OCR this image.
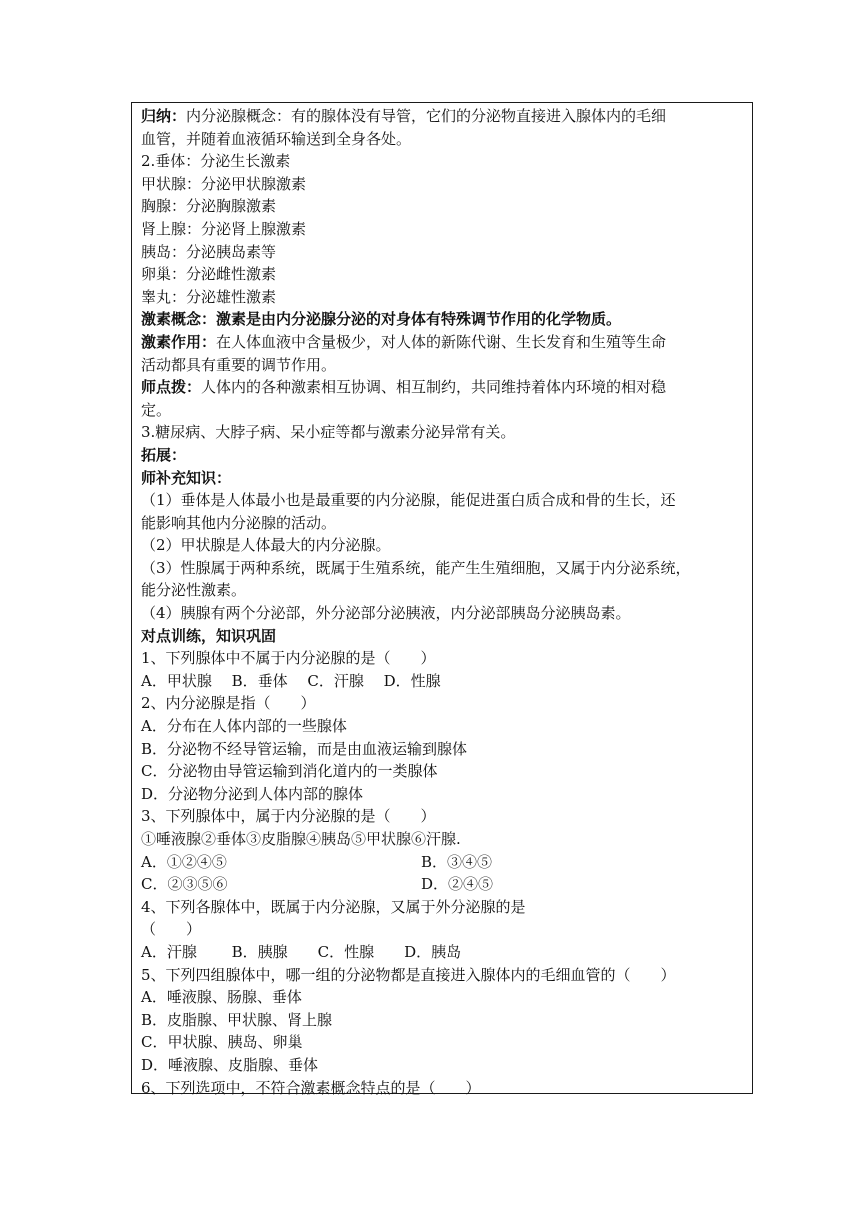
归纳：内分泌腺概念：有的腺体没有导管，它们的分泌物直接进入腺体内的毛细
血管，并随着血液循环输送到全身各处。
2.垂体：分泌生长激素
甲状腺：分泌甲状腺激素
胸腺：分泌胸腺激素
肾上腺：分泌肾上腺激素
胰岛：分泌胰岛素等
卵巢：分泌雌性激素
睾丸：分泌雄性激素
激素概念：激素是由内分泌腺分泌的对身体有特殊调节作用的化学物质。
激素作用：在人体血液中含量极少，对人体的新陈代谢、生长发育和生殖等生命
活动都具有重要的调节作用。
师点拨：人体内的各种激素相互协调、相互制约，共同维持着体内环境的相对稳
定。
3.糖尿病、大脖子病、呆小症等都与激素分泌异常有关。
拓展：
师补充知识：
（1）垂体是人体最小也是最重要的内分泌腺，能促进蛋白质合成和骨的生长，还
能影响其他内分泌腺的活动。
（2）甲状腺是人体最大的内分泌腺。
（3）性腺属于两种系统，既属于生殖系统，能产生生殖细胞，又属于内分泌系统，
能分泌性激素。
（4）胰腺有两个分泌部，外分泌部分泌胰液，内分泌部胰岛分泌胰岛素。
对点训练，知识巩固
1、下列腺体中不属于内分泌腺的是（　　）
A．甲状腺　 B．垂体　 C．汗腺　 D．性腺
2、内分泌腺是指（　　）
A．分布在人体内部的一些腺体
B．分泌物不经导管运输，而是由血液运输到腺体
C．分泌物由导管运输到消化道内的一类腺体
D．分泌物分泌到人体内部的腺体
3、下列腺体中，属于内分泌腺的是（　　）
①唾液腺②垂体③皮脂腺④胰岛⑤甲状腺⑥汗腺.
A．①②④⑤	B．③④⑤
C．②③⑤⑥	D．②④⑤
4、下列各腺体中，既属于内分泌腺，又属于外分泌腺的是
（　　）
A．汗腺　　 B．胰腺　　C．性腺　　D．胰岛
5、下列四组腺体中，哪一组的分泌物都是直接进入腺体内的毛细血管的（　　）
A．唾液腺、肠腺、垂体
B．皮脂腺、甲状腺、肾上腺
C．甲状腺、胰岛、卵巢
D．唾液腺、皮脂腺、垂体
6、下列选项中，不符合激素概念特点的是（　　）
